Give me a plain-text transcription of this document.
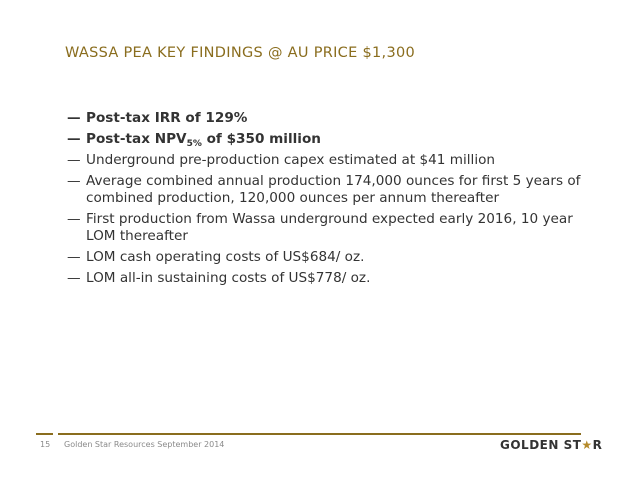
WASSA PEA KEY FINDINGS @ AU PRICE $1,300
— Post-tax IRR of 129%
— Post-tax $NPV_{5\%}$ of $350 million
— Underground pre-production capex estimated at $41 million
— Average combined annual production 174,000 ounces for first 5 years of combined production, 120,000 ounces per annum thereafter
— First production from Wassa underground expected early 2016, 10 year LOM thereafter
— LOM cash operating costs of US$684/ oz.
— LOM all-in sustaining costs of US$778/ oz.
15 Golden Star Resources September 2014	GOLDEN ST ★ R
